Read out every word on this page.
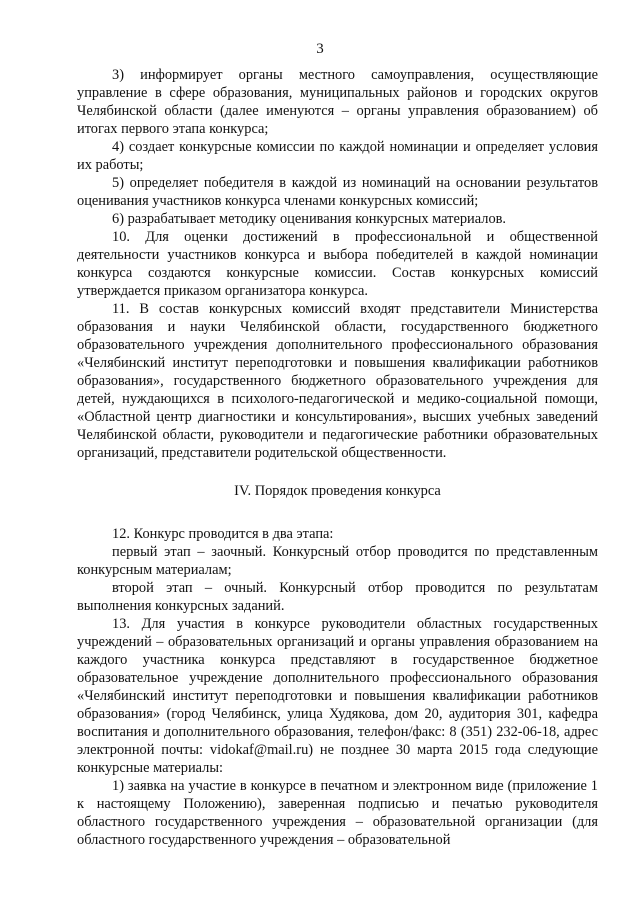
3

3) информирует органы местного самоуправления, осуществляющие управление в сфере образования, муниципальных районов и городских округов Челябинской области (далее именуются – органы управления образованием) об итогах первого этапа конкурса;

4) создает конкурсные комиссии по каждой номинации и определяет условия их работы;

5) определяет победителя в каждой из номинаций на основании результатов оценивания участников конкурса членами конкурсных комиссий;

6) разрабатывает методику оценивания конкурсных материалов.

10. Для оценки достижений в профессиональной и общественной деятельности участников конкурса и выбора победителей в каждой номинации конкурса создаются конкурсные комиссии. Состав конкурсных комиссий утверждается приказом организатора конкурса.

11. В состав конкурсных комиссий входят представители Министерства образования и науки Челябинской области, государственного бюджетного образовательного учреждения дополнительного профессионального образования «Челябинский институт переподготовки и повышения квалификации работников образования», государственного бюджетного образовательного учреждения для детей, нуждающихся в психолого-педагогической и медико-социальной помощи, «Областной центр диагностики и консультирования», высших учебных заведений Челябинской области, руководители и педагогические работники образовательных организаций, представители родительской общественности.

IV. Порядок проведения конкурса

12. Конкурс проводится в два этапа:

первый этап – заочный. Конкурсный отбор проводится по представленным конкурсным материалам;

второй этап – очный. Конкурсный отбор проводится по результатам выполнения конкурсных заданий.

13. Для участия в конкурсе руководители областных государственных учреждений – образовательных организаций и органы управления образованием на каждого участника конкурса представляют в государственное бюджетное образовательное учреждение дополнительного профессионального образования «Челябинский институт переподготовки и повышения квалификации работников образования» (город Челябинск, улица Худякова, дом 20, аудитория 301, кафедра воспитания и дополнительного образования, телефон/факс: 8 (351) 232-06-18, адрес электронной почты: vidokaf@mail.ru) не позднее 30 марта 2015 года следующие конкурсные материалы:

1) заявка на участие в конкурсе в печатном и электронном виде (приложение 1 к настоящему Положению), заверенная подписью и печатью руководителя областного государственного учреждения – образовательной организации (для областного государственного учреждения – образовательной
